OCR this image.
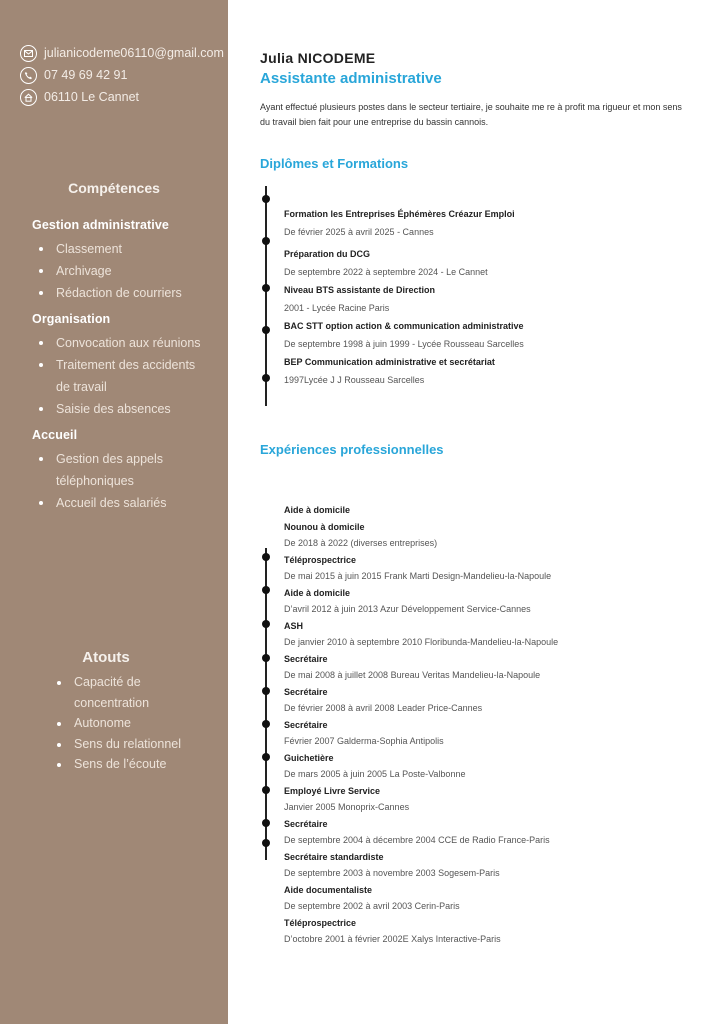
julianicodeme06110@gmail.com
07 49 69 42 91
06110 Le Cannet
Compétences
Gestion administrative
Classement
Archivage
Rédaction de courriers
Organisation
Convocation aux réunions
Traitement des accidents de travail
Saisie des absences
Accueil
Gestion des appels téléphoniques
Accueil des salariés
Atouts
Capacité de concentration
Autonome
Sens du relationnel
Sens de l’écoute
Julia NICODEME
Assistante administrative

Ayant effectué plusieurs postes dans le secteur tertiaire, je souhaite me re à profit ma rigueur et mon sens du travail bien fait pour une entreprise du bassin cannois.

Diplômes et Formations
Formation les Entreprises Éphémères Créazur Emploi
De février 2025 à avril 2025 - Cannes
Préparation du DCG
De septembre 2022 à septembre 2024 - Le Cannet
Niveau BTS assistante de Direction
2001 - Lycée Racine Paris
BAC STT option action & communication administrative
De septembre 1998 à juin 1999 - Lycée Rousseau Sarcelles
BEP Communication administrative et secrétariat
1997Lycée J J Rousseau Sarcelles
Expériences professionnelles
Aide à domicile
Nounou à domicile
De 2018 à 2022 (diverses entreprises)
Téléprospectrice
De mai 2015 à juin 2015 Frank Marti Design-Mandelieu-la-Napoule
Aide à domicile
D’avril 2012 à juin 2013 Azur Développement Service-Cannes
ASH
De janvier 2010 à septembre 2010 Floribunda-Mandelieu-la-Napoule
Secrétaire
De mai 2008 à juillet 2008 Bureau Veritas Mandelieu-la-Napoule
Secrétaire
De février 2008 à avril 2008 Leader Price-Cannes
Secrétaire
Février 2007 Galderma-Sophia Antipolis
Guichetière
De mars 2005 à juin 2005 La Poste-Valbonne
Employé Livre Service
Janvier 2005 Monoprix-Cannes
Secrétaire
De septembre 2004 à décembre 2004 CCE de Radio France-Paris
Secrétaire standardiste
De septembre 2003 à novembre 2003 Sogesem-Paris
Aide documentaliste
De septembre 2002 à avril 2003 Cerin-Paris
Téléprospectrice
D’octobre 2001 à février 2002E Xalys Interactive-Paris
